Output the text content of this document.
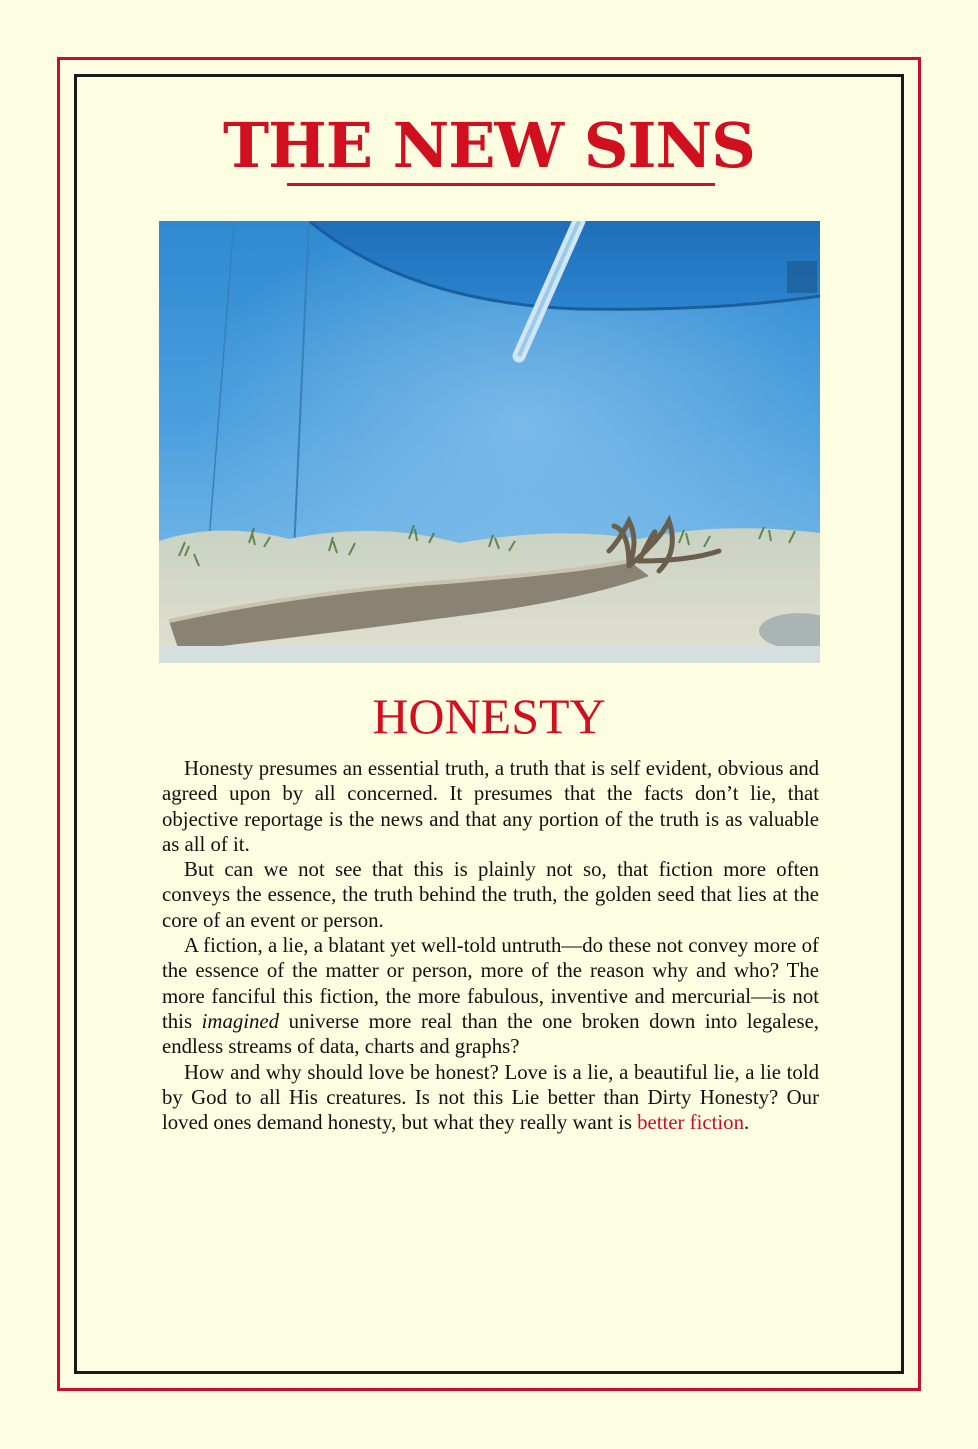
THE NEW SINS
HONESTY

Honesty presumes an essential truth, a truth that is self evident, obvious and agreed upon by all concerned. It presumes that the facts don’t lie, that objective reportage is the news and that any portion of the truth is as valuable as all of it.

But can we not see that this is plainly not so, that fiction more often conveys the essence, the truth behind the truth, the golden seed that lies at the core of an event or person.

A fiction, a lie, a blatant yet well-told untruth—do these not convey more of the essence of the matter or person, more of the reason why and who? The more fanciful this fiction, the more fabulous, inventive and mercurial—is not this imagined universe more real than the one broken down into legalese, endless streams of data, charts and graphs?

How and why should love be honest? Love is a lie, a beautiful lie, a lie told by God to all His creatures. Is not this Lie better than Dirty Honesty? Our loved ones demand honesty, but what they really want is better fiction.
